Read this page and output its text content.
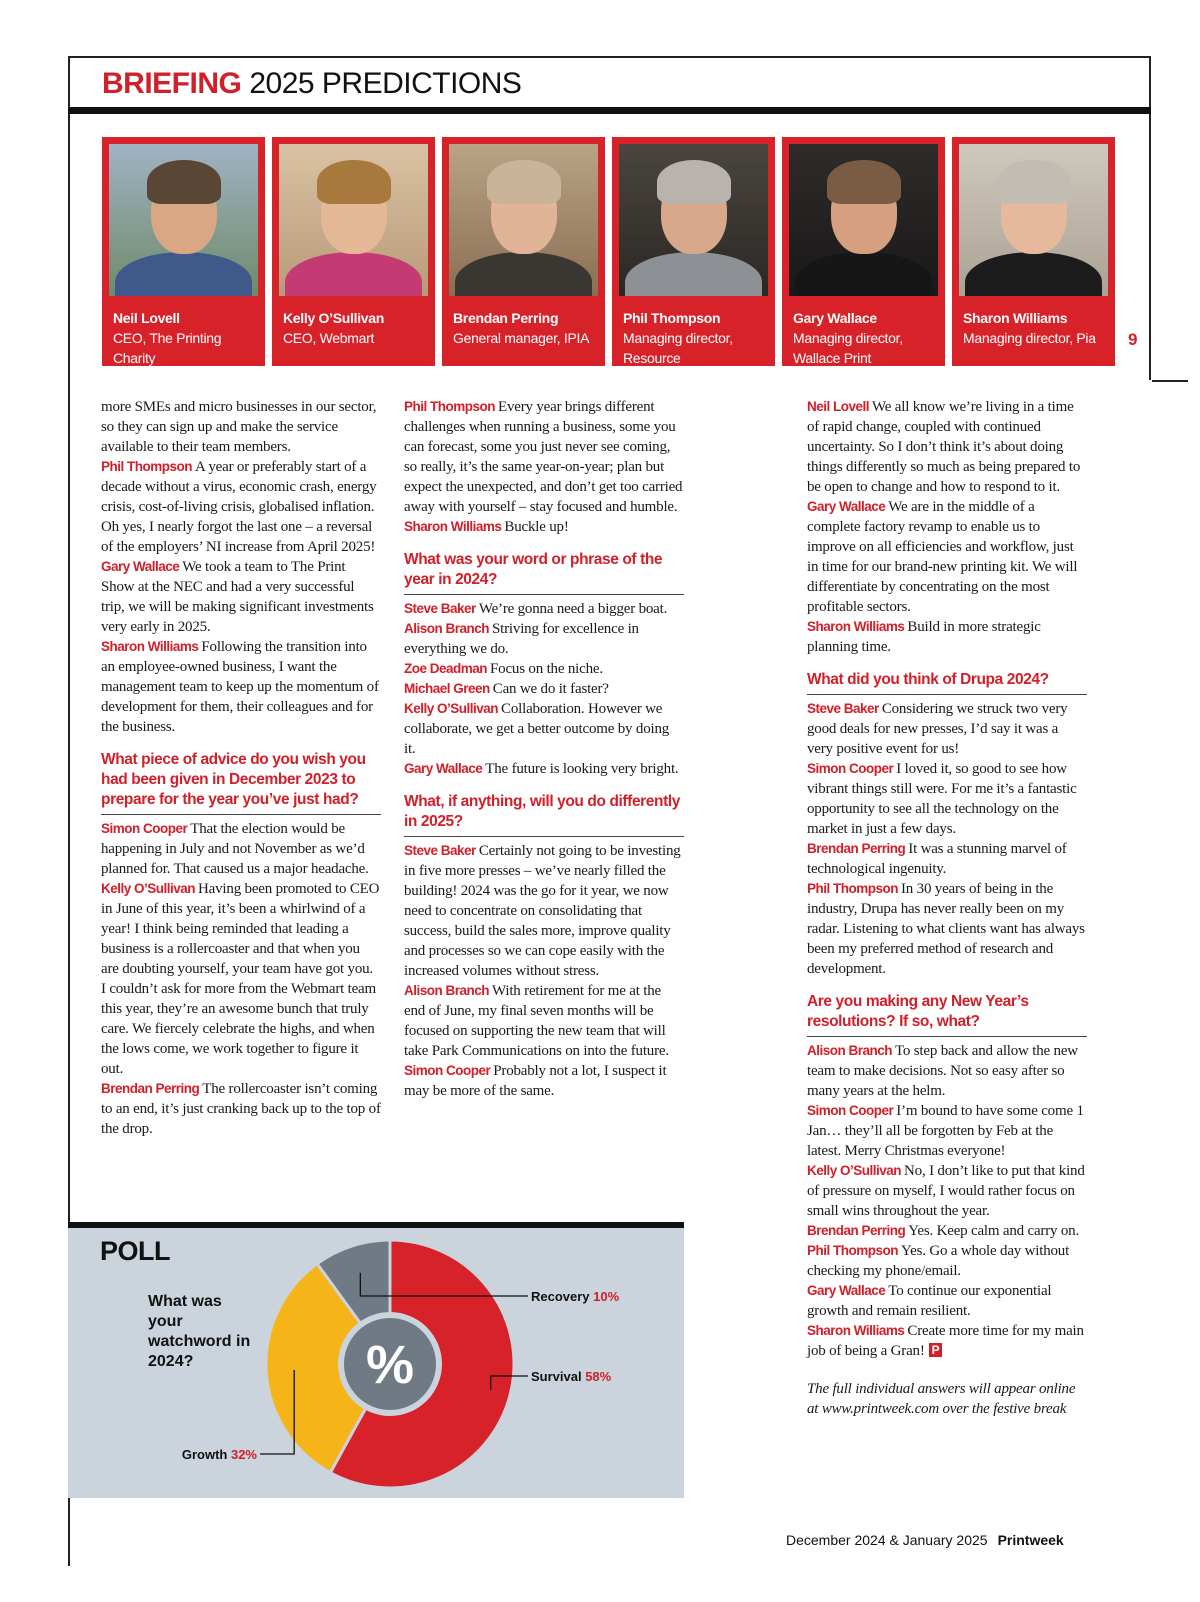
BRIEFING 2025 PREDICTIONS
Neil Lovell
CEO, The Printing
Charity
Kelly O’Sullivan
CEO, Webmart
Brendan Perring
General manager, IPIA
Phil Thompson
Managing director,
Resource
Gary Wallace
Managing director,
Wallace Print
Sharon Williams
Managing director, Pia	9

more SMEs and micro businesses in our sector, so they can sign up and make the service available to their team members.

Phil Thompson A year or preferably start of a decade without a virus, economic crash, energy crisis, cost-of-living crisis, globalised inflation. Oh yes, I nearly forgot the last one – a reversal of the employers’ NI increase from April 2025!

Gary Wallace We took a team to The Print Show at the NEC and had a very successful trip, we will be making significant investments very early in 2025.

Sharon Williams Following the transition into an employee-owned business, I want the management team to keep up the momentum of development for them, their colleagues and for the business.

What piece of advice do you wish you had been given in December 2023 to prepare for the year you’ve just had?

Simon Cooper That the election would be happening in July and not November as we’d planned for. That caused us a major headache.

Kelly O’Sullivan Having been promoted to CEO in June of this year, it’s been a whirlwind of a year! I think being reminded that leading a business is a rollercoaster and that when you are doubting yourself, your team have got you. I couldn’t ask for more from the Webmart team this year, they’re an awesome bunch that truly care. We fiercely celebrate the highs, and when the lows come, we work together to figure it out.

Brendan Perring The rollercoaster isn’t coming to an end, it’s just cranking back up to the top of the drop.

Phil Thompson Every year brings different challenges when running a business, some you can forecast, some you just never see coming, so really, it’s the same year-on-year; plan but expect the unexpected, and don’t get too carried away with yourself – stay focused and humble.

Sharon Williams Buckle up!

What was your word or phrase of the year in 2024?

Steve Baker We’re gonna need a bigger boat.

Alison Branch Striving for excellence in everything we do.

Zoe Deadman Focus on the niche.

Michael Green Can we do it faster?

Kelly O’Sullivan Collaboration. However we collaborate, we get a better outcome by doing it.

Gary Wallace The future is looking very bright.

What, if anything, will you do differently in 2025?

Steve Baker Certainly not going to be investing in five more presses – we’ve nearly filled the building! 2024 was the go for it year, we now need to concentrate on consolidating that success, build the sales more, improve quality and processes so we can cope easily with the increased volumes without stress.

Alison Branch With retirement for me at the end of June, my final seven months will be focused on supporting the new team that will take Park Communications on into the future.

Simon Cooper Probably not a lot, I suspect it may be more of the same.

Neil Lovell We all know we’re living in a time of rapid change, coupled with continued uncertainty. So I don’t think it’s about doing things differently so much as being prepared to be open to change and how to respond to it.

Gary Wallace We are in the middle of a complete factory revamp to enable us to improve on all efficiencies and workflow, just in time for our brand-new printing kit. We will differentiate by concentrating on the most profitable sectors.

Sharon Williams Build in more strategic planning time.

What did you think of Drupa 2024?

Steve Baker Considering we struck two very good deals for new presses, I’d say it was a very positive event for us!

Simon Cooper I loved it, so good to see how vibrant things still were. For me it’s a fantastic opportunity to see all the technology on the market in just a few days.

Brendan Perring It was a stunning marvel of technological ingenuity.

Phil Thompson In 30 years of being in the industry, Drupa has never really been on my radar. Listening to what clients want has always been my preferred method of research and development.

Are you making any New Year’s resolutions? If so, what?

Alison Branch To step back and allow the new team to make decisions. Not so easy after so many years at the helm.

Simon Cooper I’m bound to have some come 1 Jan… they’ll all be forgotten by Feb at the latest. Merry Christmas everyone!

Kelly O’Sullivan No, I don’t like to put that kind of pressure on myself, I would rather focus on small wins throughout the year.

Brendan Perring Yes. Keep calm and carry on.

Phil Thompson Yes. Go a whole day without checking my phone/email.

Gary Wallace To continue our exponential growth and remain resilient.

Sharon Williams Create more time for my main job of being a Gran! P

The full individual answers will appear online at www.printweek.com over the festive break

POLL
What was your watchword in 2024?	%	Survival 58%
Growth 32%
Recovery 10%
December 2024 & January 2025 Printweek
